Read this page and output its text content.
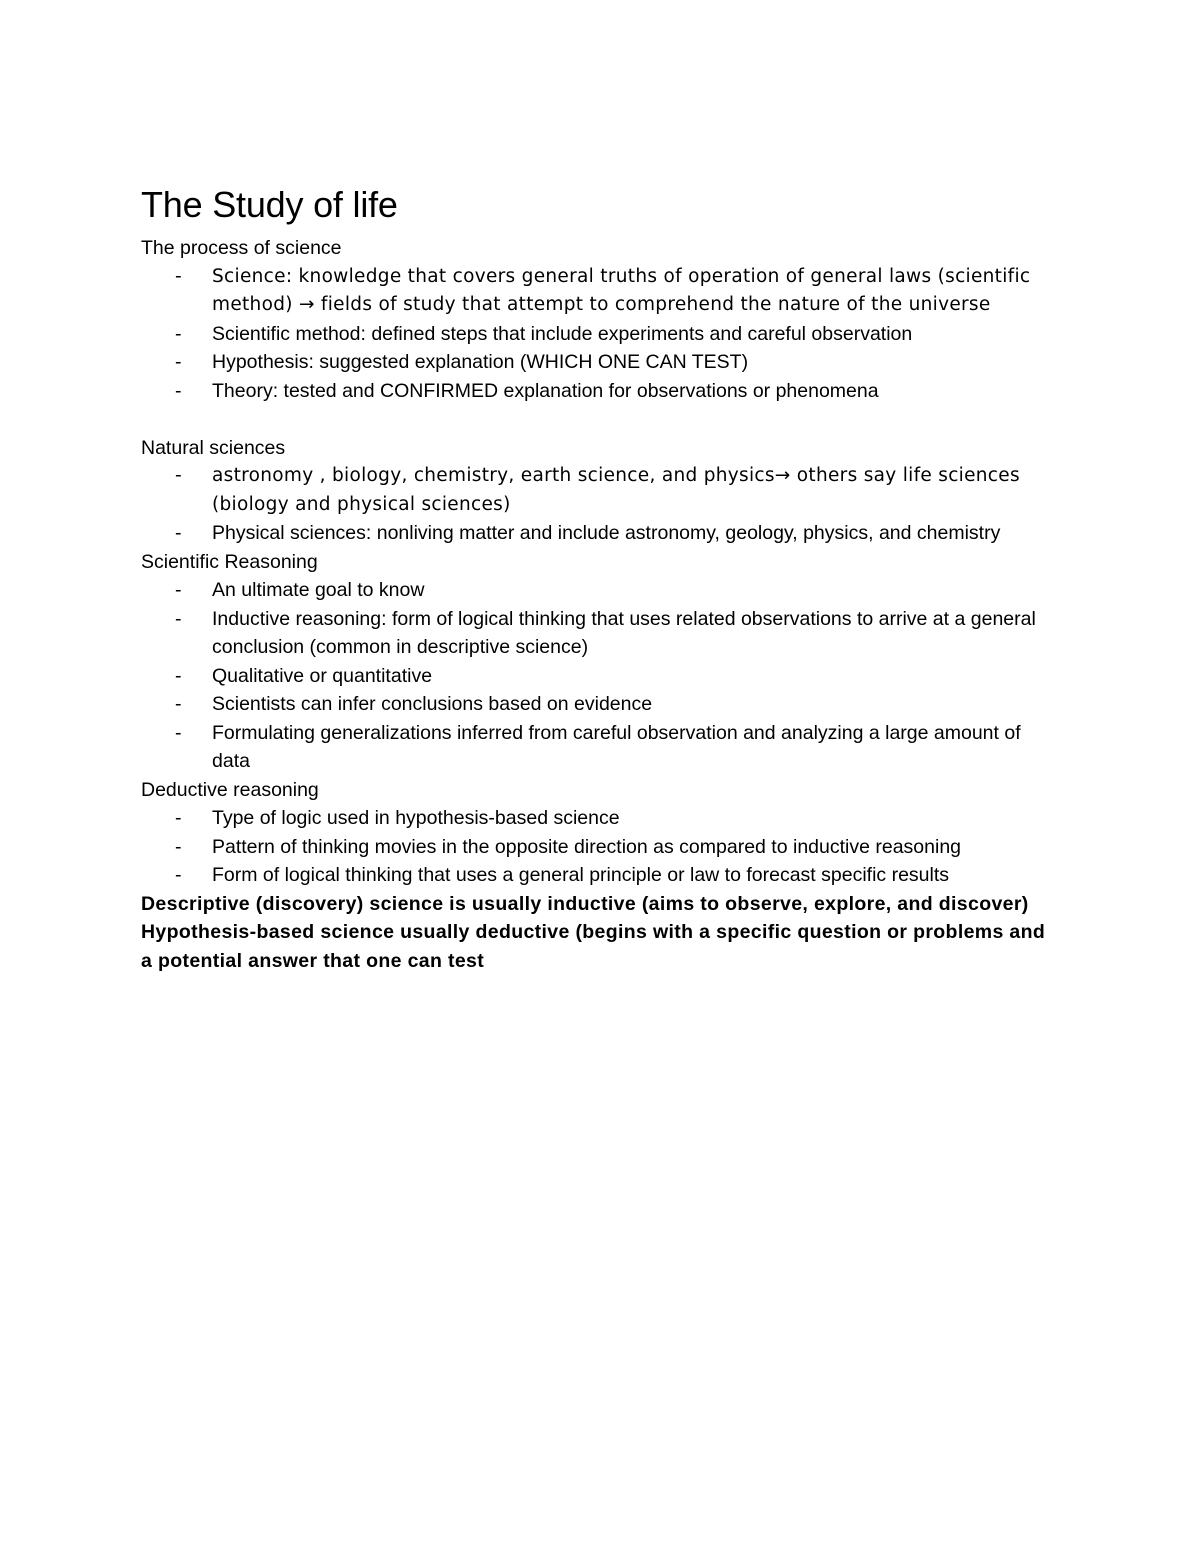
The Study of life

The process of science

- Science: knowledge that covers general truths of operation of general laws (scientific method) → fields of study that attempt to comprehend the nature of the universe
- Scientific method: defined steps that include experiments and careful observation
- Hypothesis: suggested explanation (WHICH ONE CAN TEST)
- Theory: tested and CONFIRMED explanation for observations or phenomena

Natural sciences

- astronomy , biology, chemistry, earth science, and physics→ others say life sciences (biology and physical sciences)
- Physical sciences: nonliving matter and include astronomy, geology, physics, and chemistry

Scientific Reasoning

- An ultimate goal to know
- Inductive reasoning: form of logical thinking that uses related observations to arrive at a general conclusion (common in descriptive science)
- Qualitative or quantitative
- Scientists can infer conclusions based on evidence
- Formulating generalizations inferred from careful observation and analyzing a large amount of data

Deductive reasoning

- Type of logic used in hypothesis-based science
- Pattern of thinking movies in the opposite direction as compared to inductive reasoning
- Form of logical thinking that uses a general principle or law to forecast specific results

Descriptive (discovery) science is usually inductive (aims to observe, explore, and discover)

Hypothesis-based science usually deductive (begins with a specific question or problems and a potential answer that one can test
